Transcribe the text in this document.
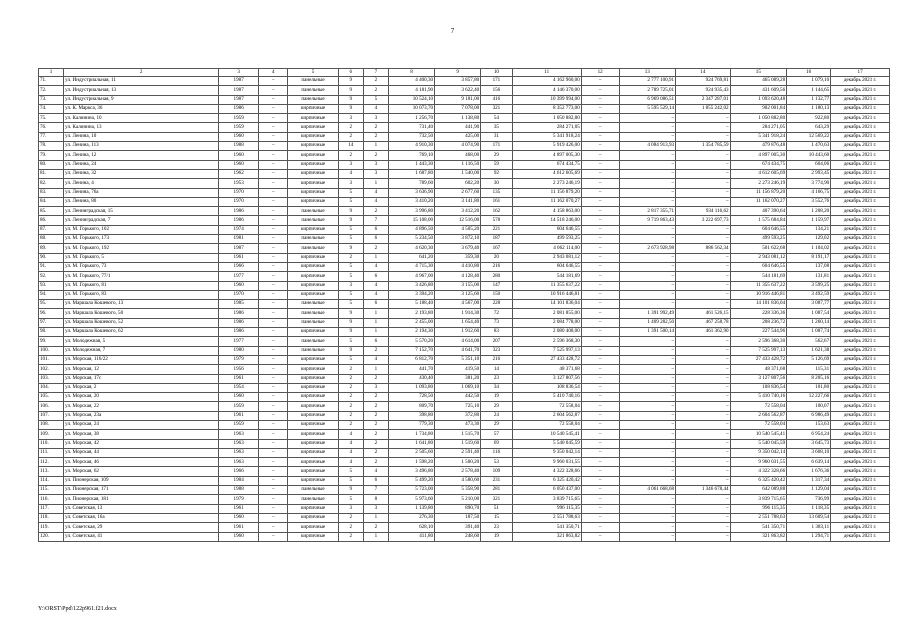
7
1	2	3	4	5	6	7	8	9	10	11	12	13	14	15	16	17
71.	ул. Индустриальная, 11	1987	–	панельные	9	2	4 400,30	3 857,80	171	4 162 960,00	–	2 777 100,91	924 769,81	465 089,28	1 079,10	декабрь 2021 г.
72.	ул. Индустриальная, 13	1987	–	панельные	9	2	4 181,90	3 622,40	156	4 146 370,00	–	2 789 725,01	924 935,43	431 609,56	1 144,65	декабрь 2021 г.
73.	ул. Индустриальная, 9	1987	–	панельные	9	5	10 524,10	9 181,00	416	10 399 994,00	–	6 969 086,51	2 347 287,01	1 093 620,48	1 132,77	декабрь 2021 г.
74.	ул. К. Маркса, 36	1986	–	кирпичные	9	4	10 073,70	7 078,00	321	8 352 773,00	–	5 595 529,14	1 855 242,02	902 001,84	1 180,13	декабрь 2021 г.
75.	ул. Калинина, 10	1959	–	кирпичные	3	3	1 256,70	1 138,80	54	1 050 882,80	–	–	–	1 050 882,80	922,80	декабрь 2021 г.
76.	ул. Калинина, 13	1959	–	кирпичные	2	2	731,40	441,90	35	284 271,05	–	–	–	284 271,05	643,29	декабрь 2021 г.
77.	ул. Ленина, 10	1960	–	кирпичные	2	2	732,50	425,00	31	5 341 918,24	–	–	–	5 341 918,24	12 569,22	декабрь 2021 г.
78.	ул. Ленина, 113	1988	–	кирпичные	14	1	4 910,30	4 074,90	171	5 919 426,00	–	4 084 913,93	1 354 785,59	479 876,48	1 470,63	декабрь 2021 г.
79.	ул. Ленина, 12	1960	–	кирпичные	2	2	769,10	468,00	29	4 897 005,30	–	–	–	4 897 005,30	10 443,60	декабрь 2021 г.
80.	ул. Ленина, 24	1960	–	кирпичные	3	3	1 443,30	1 116,50	59	674 434,75	–	–	–	674 434,75	604,06	декабрь 2021 г.
81.	ул. Ленина, 32	1962	–	кирпичные	4	3	1 687,80	1 540,00	92	4 612 605,69	–	–	–	4 612 605,69	2 993,45	декабрь 2021 г.
82.	ул. Ленина, 4	1953	–	кирпичные	3	1	789,60	602,20	30	2 273 246,19	–	–	–	2 273 246,19	3 774,90	декабрь 2021 г.
83.	ул. Ленина, 76а	1970	–	кирпичные	5	4	3 636,90	2 677,60	135	11 156 879,20	–	–	–	11 156 879,20	4 166,75	декабрь 2021 г.
84.	ул. Ленина, 80	1970	–	кирпичные	5	4	3 410,20	3 141,80	161	11 162 070,27	–	–	–	11 162 070,27	3 552,76	декабрь 2021 г.
85.	ул. Ленинградская, 15	1986	–	панельные	9	2	3 996,80	3 412,20	162	4 158 863,00	–	2 817 355,71	934 116,62	407 390,64	1 208,20	декабрь 2021 г.
86.	ул. Ленинградская, 7	1986	–	панельные	9	7	15 108,00	12 516,00	578	14 518 246,00	–	9 719 863,43	3 222 697,73	1 575 684,84	1 159,97	декабрь 2021 г.
87.	ул. М. Горького, 102	1974	–	кирпичные	5	6	4 896,50	4 505,20	221	604 646,55	–	–	–	604 646,55	134,21	декабрь 2021 г.
88.	ул. М. Горького, 173	1981	–	панельные	5	6	5 234,50	3 872,10	187	499 593,25	–	–	–	499 593,25	129,02	декабрь 2021 г.
89.	ул. М. Горького, 192	1987	–	панельные	9	2	4 620,30	3 679,40	167	4 062 114,00	–	2 673 928,98	886 562,34	501 622,68	1 104,02	декабрь 2021 г.
90.	ул. М. Горького, 5	1961	–	кирпичные	2	1	641,20	359,30	20	2 943 081,12	–	–	–	2 943 081,12	8 191,17	декабрь 2021 г.
91.	ул. М. Горького, 73	1966	–	кирпичные	5	4	4 715,30	4 410,80	216	604 646,55	–	–	–	604 646,55	137,08	декабрь 2021 г.
92.	ул. М. Горького, 77/1	1977	–	кирпичные	5	6	4 967,00	4 128,40	280	544 181,69	–	–	–	544 181,69	131,81	декабрь 2021 г.
93.	ул. М. Горького, 81	1960	–	кирпичные	3	4	3 426,80	3 155,00	147	11 355 637,22	–	–	–	11 355 637,22	3 599,25	декабрь 2021 г.
94.	ул. М. Горького, 83	1970	–	кирпичные	5	4	3 394,20	3 125,60	150	10 916 446,81	–	–	–	10 916 446,81	3 492,59	декабрь 2021 г.
95.	ул. Маршала Кошевого, 13	1985	–	панельные	5	6	5 188,40	4 567,00	228	14 101 836,04	–	–	–	14 101 836,04	3 087,77	декабрь 2021 г.
96.	ул. Маршала Кошевого, 50	1986	–	панельные	9	1	2 193,80	1 914,30	72	2 081 855,00	–	1 391 992,49	461 526,15	228 336,36	1 087,54	декабрь 2021 г.
97.	ул. Маршала Кошевого, 52	1986	–	панельные	9	1	2 455,00	1 654,40	73	2 084 778,00	–	1 409 282,50	467 258,78	208 236,72	1 260,14	декабрь 2021 г.
98.	ул. Маршала Кошевого, 62	1986	–	кирпичные	9	1	2 194,30	1 912,60	83	2 080 408,00	–	1 391 500,14	461 362,90	227 544,96	1 087,74	декабрь 2021 г.
99.	ул. Молодежная, 5	1977	–	панельные	5	6	5 570,20	4 614,00	207	2 596 368,30	–	–	–	2 596 368,30	562,67	декабрь 2021 г.
100.	ул. Молодежная, 7	1980	–	панельные	9	2	7 152,70	4 641,70	323	7 525 997,13	–	–	–	7 525 997,13	1 621,38	декабрь 2021 г.
101.	ул. Морская, 116/22	1979	–	кирпичные	5	4	6 812,70	5 351,10	216	27 433 428,72	–	–	–	27 433 428,72	5 126,69	декабрь 2021 г.
102.	ул. Морская, 12	1956	–	кирпичные	2	1	441,70	419,50	14	48 371,68	–	–	–	48 371,68	115,31	декабрь 2021 г.
103.	ул. Морская, 17с	1961	–	кирпичные	2	2	430,40	381,20	23	3 127 807,56	–	–	–	3 127 807,56	8 205,16	декабрь 2021 г.
104.	ул. Морская, 2	1954	–	кирпичные	2	3	1 093,80	1 069,10	34	108 836,54	–	–	–	108 836,54	101,80	декабрь 2021 г.
105.	ул. Морская, 20	1960	–	кирпичные	2	2	728,50	442,50	19	5 410 740,16	–	–	–	5 410 740,16	12 227,66	декабрь 2021 г.
106.	ул. Морская, 22	1959	–	кирпичные	2	2	809,70	725,10	29	72 558,04	–	–	–	72 558,04	100,07	декабрь 2021 г.
107.	ул. Морская, 23а	1961	–	кирпичные	2	2	398,80	372,80	24	2 604 562,87	–	–	–	2 604 562,87	6 986,49	декабрь 2021 г.
108.	ул. Морская, 24	1959	–	кирпичные	2	2	779,30	473,30	29	72 558,04	–	–	–	72 558,04	153,63	декабрь 2021 г.
109.	ул. Морская, 38	1963	–	кирпичные	4	2	1 734,80	1 515,70	57	10 540 545,41	–	–	–	10 540 545,41	6 954,24	декабрь 2021 г.
110.	ул. Морская, 42	1963	–	кирпичные	4	2	1 641,80	1 519,60	69	5 540 045,59	–	–	–	5 540 045,59	3 645,73	декабрь 2021 г.
111.	ул. Морская, 44	1963	–	кирпичные	4	2	2 505,60	2 591,40	116	9 350 042,14	–	–	–	9 350 042,14	3 608,10	декабрь 2021 г.
112.	ул. Морская, 46	1963	–	кирпичные	4	2	1 598,20	1 500,20	53	9 960 031,55	–	–	–	9 960 031,55	6 639,14	декабрь 2021 г.
113.	ул. Морская, 62	1966	–	кирпичные	5	4	3 496,80	2 578,40	109	4 322 328,66	–	–	–	4 322 328,66	1 676,36	декабрь 2021 г.
114.	ул. Пионерская, 109	1984	–	кирпичные	5	6	5 499,20	4 580,60	231	6 325 420,42	–	–	–	6 325 420,42	1 317,34	декабрь 2021 г.
115.	ул. Пионерская, 171	1988	–	панельные	9	7	5 723,00	5 358,90	281	6 050 437,00	–	4 061 668,68	1 346 678,44	642 089,88	1 129,04	декабрь 2021 г.
116.	ул. Пионерская, 181	1979	–	панельные	5	8	5 973,60	5 210,00	321	3 839 715,65	–	–	–	3 839 715,65	736,99	декабрь 2021 г.
117.	ул. Советская, 13	1961	–	кирпичные	3	3	1 139,80	890,70	51	996 115,35	–	–	–	996 115,35	1 118,35	декабрь 2021 г.
118.	ул. Советская, 16а	1960	–	кирпичные	2	1	276,30	187,50	15	2 551 788,63	–	–	–	2 551 788,63	13 609,54	декабрь 2021 г.
119.	ул. Советская, 29	1961	–	кирпичные	2	2	628,10	391,40	23	541 350,71	–	–	–	541 350,71	1 383,11	декабрь 2021 г.
120.	ул. Советская, 41	1960	–	кирпичные	2	1	411,80	248,60	19	321 863,82	–	–	–	321 863,82	1 294,71	декабрь 2021 г.
Y:\ORST\Ppd\122p961.f21.docx
